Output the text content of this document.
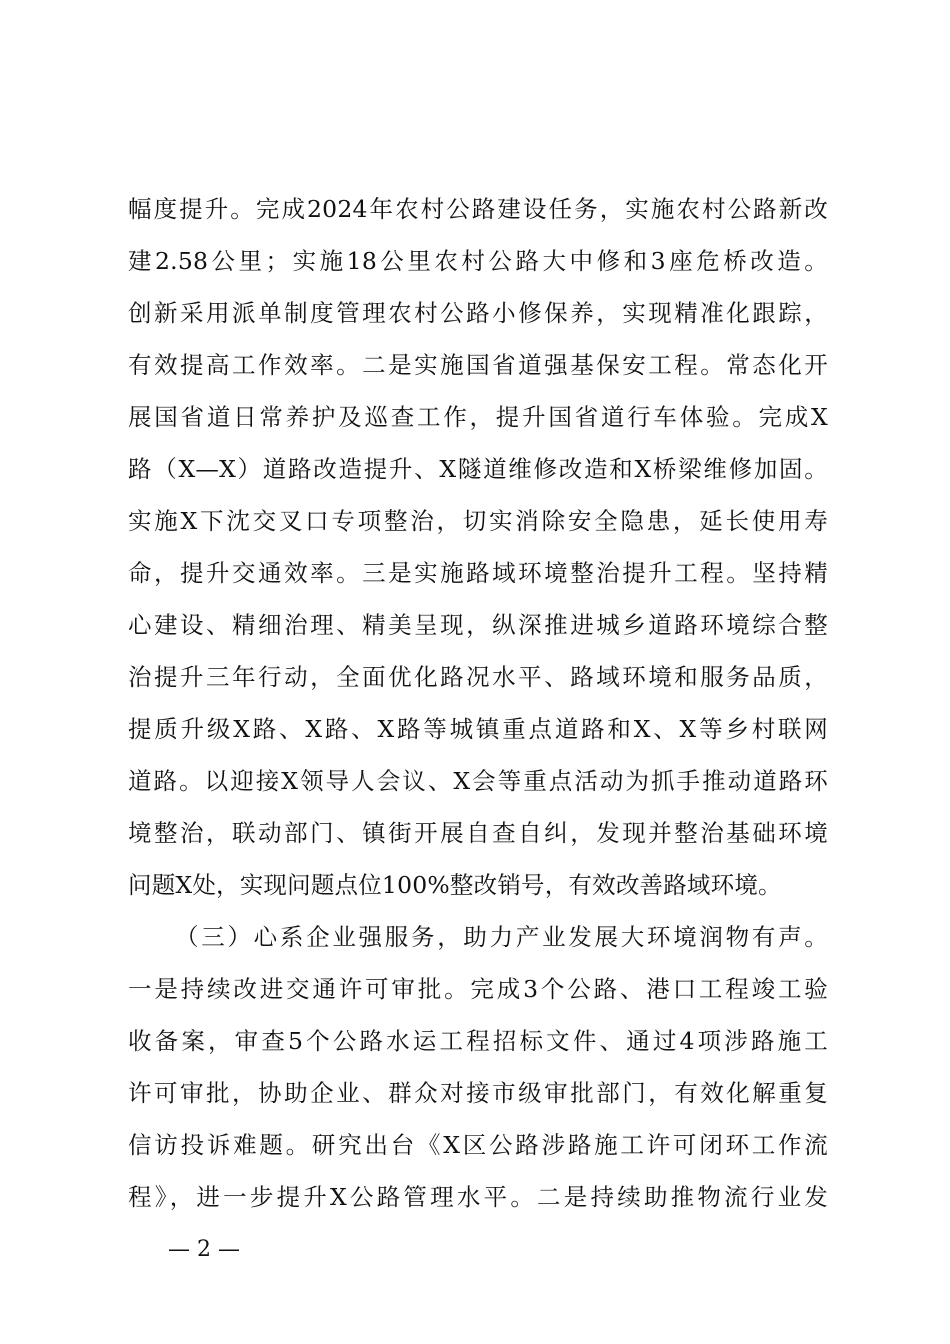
幅度提升。完成2024年农村公路建设任务，实施农村公路新改
建2.58公里；实施18公里农村公路大中修和3座危桥改造。
创新采用派单制度管理农村公路小修保养，实现精准化跟踪，
有效提高工作效率。二是实施国省道强基保安工程。常态化开
展国省道日常养护及巡查工作，提升国省道行车体验。完成X
路（X—X）道路改造提升、X隧道维修改造和X桥梁维修加固。
实施X下沈交叉口专项整治，切实消除安全隐患，延长使用寿
命，提升交通效率。三是实施路域环境整治提升工程。坚持精
心建设、精细治理、精美呈现，纵深推进城乡道路环境综合整
治提升三年行动，全面优化路况水平、路域环境和服务品质，
提质升级X路、X路、X路等城镇重点道路和X、X等乡村联网
道路。以迎接X领导人会议、X会等重点活动为抓手推动道路环
境整治，联动部门、镇街开展自查自纠，发现并整治基础环境
问题X处，实现问题点位100%整改销号，有效改善路域环境。
（三）心系企业强服务，助力产业发展大环境润物有声。
一是持续改进交通许可审批。完成3个公路、港口工程竣工验
收备案，审查5个公路水运工程招标文件、通过4项涉路施工
许可审批，协助企业、群众对接市级审批部门，有效化解重复
信访投诉难题。研究出台《X区公路涉路施工许可闭环工作流
程》，进一步提升X公路管理水平。二是持续助推物流行业发
— 2 —
